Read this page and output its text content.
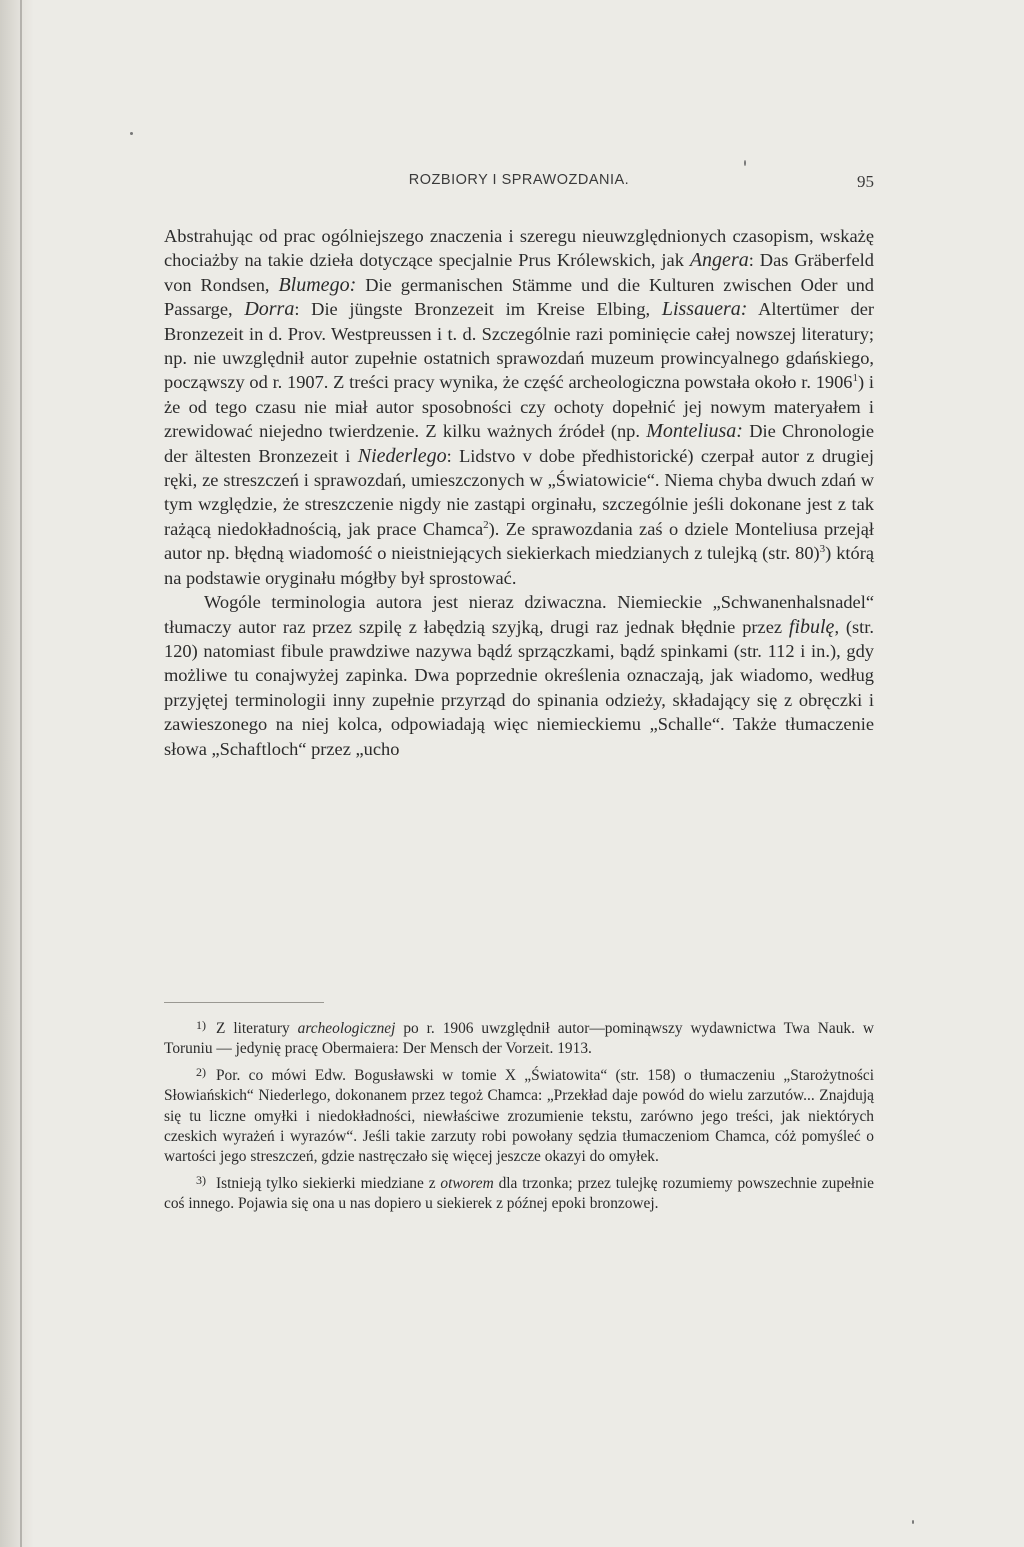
ROZBIORY I SPRAWOZDANIA.	95

Abstrahując od prac ogólniejszego znaczenia i szeregu nieuwzględnionych czasopism, wskażę chociażby na takie dzieła dotyczące specjalnie Prus Królewskich, jak Angera: Das Gräberfeld von Rondsen, Blumego: Die germanischen Stämme und die Kulturen zwischen Oder und Passarge, Dorra: Die jüngste Bronzezeit im Kreise Elbing, Lissauera: Altertümer der Bronzezeit in d. Prov. Westpreussen i t. d. Szczególnie razi pominięcie całej nowszej literatury; np. nie uwzględnił autor zupełnie ostatnich sprawozdań muzeum prowincyalnego gdańskiego, począwszy od r. 1907. Z treści pracy wynika, że część archeologiczna powstała około r. 1906$^1$) i że od tego czasu nie miał autor sposobności czy ochoty dopełnić jej nowym materyałem i zrewidować niejedno twierdzenie. Z kilku ważnych źródeł (np. Monteliusa: Die Chronologie der ältesten Bronzezeit i Niederlego: Lidstvo v dobe předhistorické) czerpał autor z drugiej ręki, ze streszczeń i sprawozdań, umieszczonych w „Światowicie“. Niema chyba dwuch zdań w tym względzie, że streszczenie nigdy nie zastąpi orginału, szczególnie jeśli dokonane jest z tak rażącą niedokładnością, jak prace Chamca$^2$). Ze sprawozdania zaś o dziele Monteliusa przejął autor np. błędną wiadomość o nieistniejących siekierkach miedzianych z tulejką (str. 80)$^3$) którą na podstawie oryginału mógłby był sprostować.

Wogóle terminologia autora jest nieraz dziwaczna. Niemieckie „Schwanenhalsnadel“ tłumaczy autor raz przez szpilę z łabędzią szyjką, drugi raz jednak błędnie przez fibulę, (str. 120) natomiast fibule prawdziwe nazywa bądź sprzączkami, bądź spinkami (str. 112 i in.), gdy możliwe tu conajwyżej zapinka. Dwa poprzednie określenia oznaczają, jak wiadomo, według przyjętej terminologii inny zupełnie przyrząd do spinania odzieży, składający się z obręczki i zawieszonego na niej kolca, odpowiadają więc niemieckiemu „Schalle“. Także tłumaczenie słowa „Schaftloch“ przez „ucho

1) Z literatury archeologicznej po r. 1906 uwzględnił autor—pominąwszy wydawnictwa Twa Nauk. w Toruniu — jedynię pracę Obermaiera: Der Mensch der Vorzeit. 1913.

2) Por. co mówi Edw. Bogusławski w tomie X „Światowita“ (str. 158) o tłumaczeniu „Starożytności Słowiańskich“ Niederlego, dokonanem przez tegoż Chamca: „Przekład daje powód do wielu zarzutów... Znajdują się tu liczne omyłki i niedokładności, niewłaściwe zrozumienie tekstu, zarówno jego treści, jak niektórych czeskich wyrażeń i wyrazów“. Jeśli takie zarzuty robi powołany sędzia tłumaczeniom Chamca, cóż pomyśleć o wartości jego streszczeń, gdzie nastręczało się więcej jeszcze okazyi do omyłek.

3) Istnieją tylko siekierki miedziane z otworem dla trzonka; przez tulejkę rozumiemy powszechnie zupełnie coś innego. Pojawia się ona u nas dopiero u siekierek z późnej epoki bronzowej.
